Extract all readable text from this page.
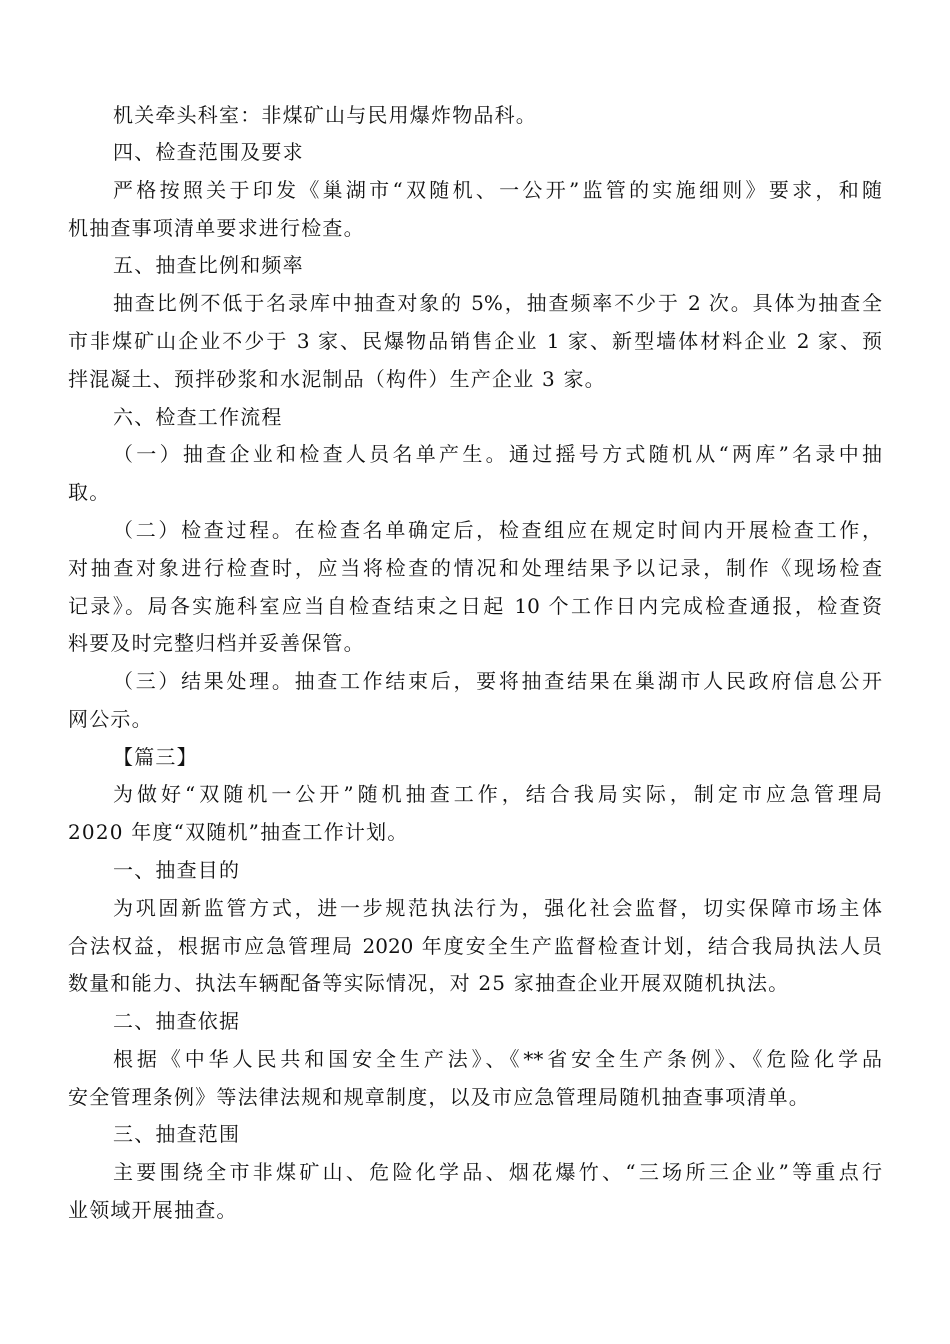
机关牵头科室：非煤矿山与民用爆炸物品科。
四、检查范围及要求
严格按照关于印发《巢湖市“双随机、一公开”监管的实施细则》要求，和随
机抽查事项清单要求进行检查。
五、抽查比例和频率
抽查比例不低于名录库中抽查对象的 5%，抽查频率不少于 2 次。具体为抽查全
市非煤矿山企业不少于 3 家、民爆物品销售企业 1 家、新型墙体材料企业 2 家、预
拌混凝土、预拌砂浆和水泥制品（构件）生产企业 3 家。
六、检查工作流程
（一）抽查企业和检查人员名单产生。通过摇号方式随机从“两库”名录中抽
取。
（二）检查过程。在检查名单确定后，检查组应在规定时间内开展检查工作，
对抽查对象进行检查时，应当将检查的情况和处理结果予以记录，制作《现场检查
记录》。局各实施科室应当自检查结束之日起 10 个工作日内完成检查通报，检查资
料要及时完整归档并妥善保管。
（三）结果处理。抽查工作结束后，要将抽查结果在巢湖市人民政府信息公开
网公示。
【篇三】
为做好“双随机一公开”随机抽查工作，结合我局实际，制定市应急管理局
2020 年度“双随机”抽查工作计划。
一、抽查目的
为巩固新监管方式，进一步规范执法行为，强化社会监督，切实保障市场主体
合法权益，根据市应急管理局 2020 年度安全生产监督检查计划，结合我局执法人员
数量和能力、执法车辆配备等实际情况，对 25 家抽查企业开展双随机执法。
二、抽查依据
根据《中华人民共和国安全生产法》、《**省安全生产条例》、《危险化学品
安全管理条例》等法律法规和规章制度，以及市应急管理局随机抽查事项清单。
三、抽查范围
主要围绕全市非煤矿山、危险化学品、烟花爆竹、“三场所三企业”等重点行
业领域开展抽查。
